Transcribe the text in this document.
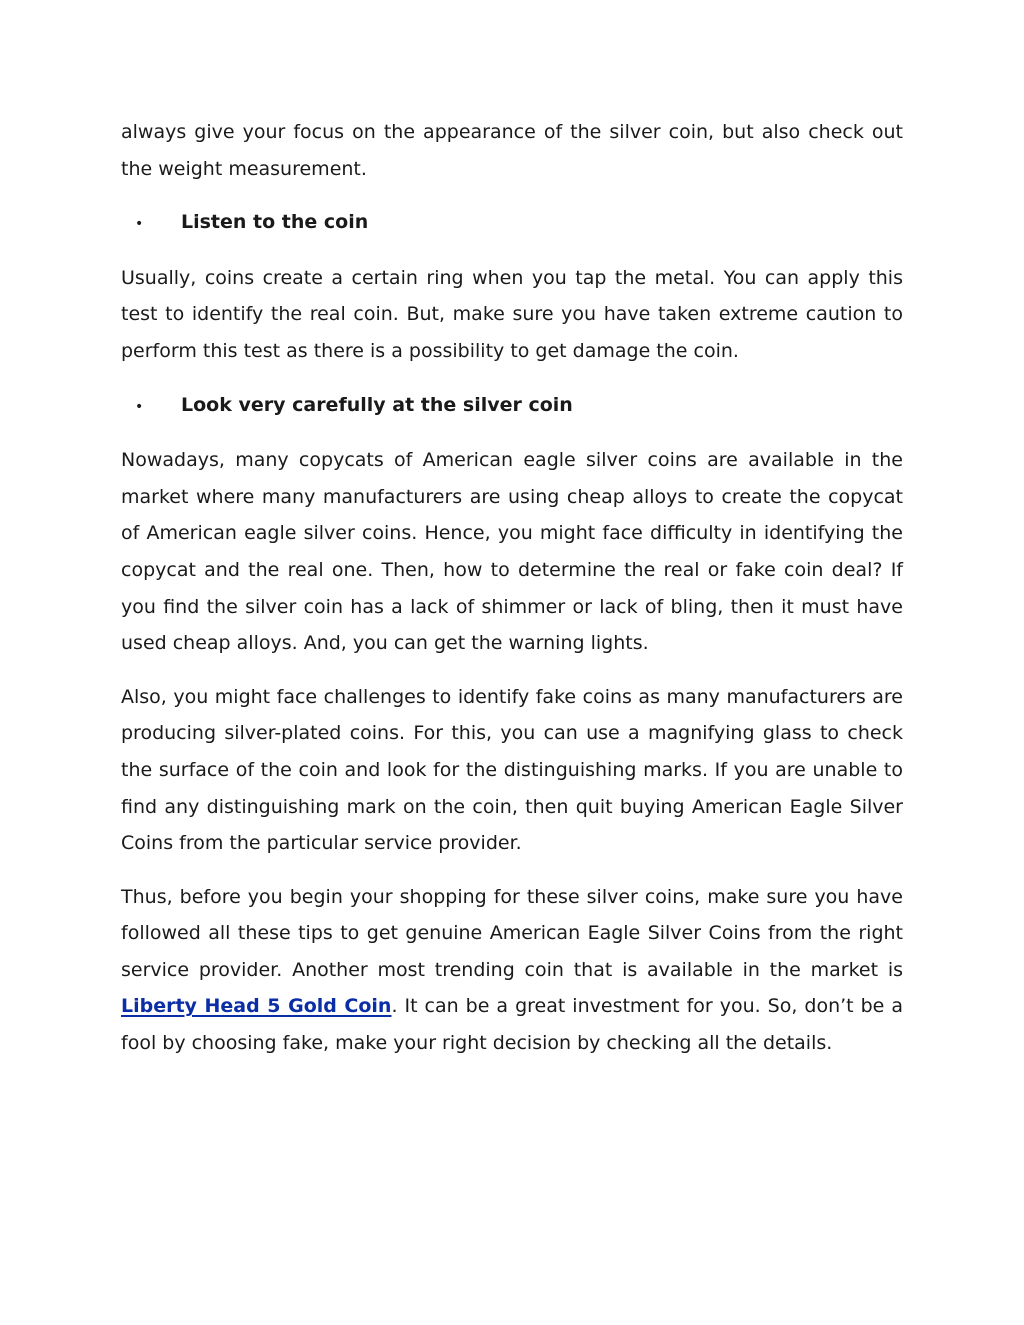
always give your focus on the appearance of the silver coin, but also check out the weight measurement.

•	Listen to the coin

Usually, coins create a certain ring when you tap the metal. You can apply this test to identify the real coin. But, make sure you have taken extreme caution to perform this test as there is a possibility to get damage the coin.

•	Look very carefully at the silver coin

Nowadays, many copycats of American eagle silver coins are available in the market where many manufacturers are using cheap alloys to create the copycat of American eagle silver coins. Hence, you might face difficulty in identifying the copycat and the real one. Then, how to determine the real or fake coin deal? If you find the silver coin has a lack of shimmer or lack of bling, then it must have used cheap alloys. And, you can get the warning lights.

Also, you might face challenges to identify fake coins as many manufacturers are producing silver-plated coins. For this, you can use a magnifying glass to check the surface of the coin and look for the distinguishing marks. If you are unable to find any distinguishing mark on the coin, then quit buying American Eagle Silver Coins from the particular service provider.

Thus, before you begin your shopping for these silver coins, make sure you have followed all these tips to get genuine American Eagle Silver Coins from the right service provider. Another most trending coin that is available in the market is Liberty Head 5 Gold Coin. It can be a great investment for you. So, don’t be a fool by choosing fake, make your right decision by checking all the details.
